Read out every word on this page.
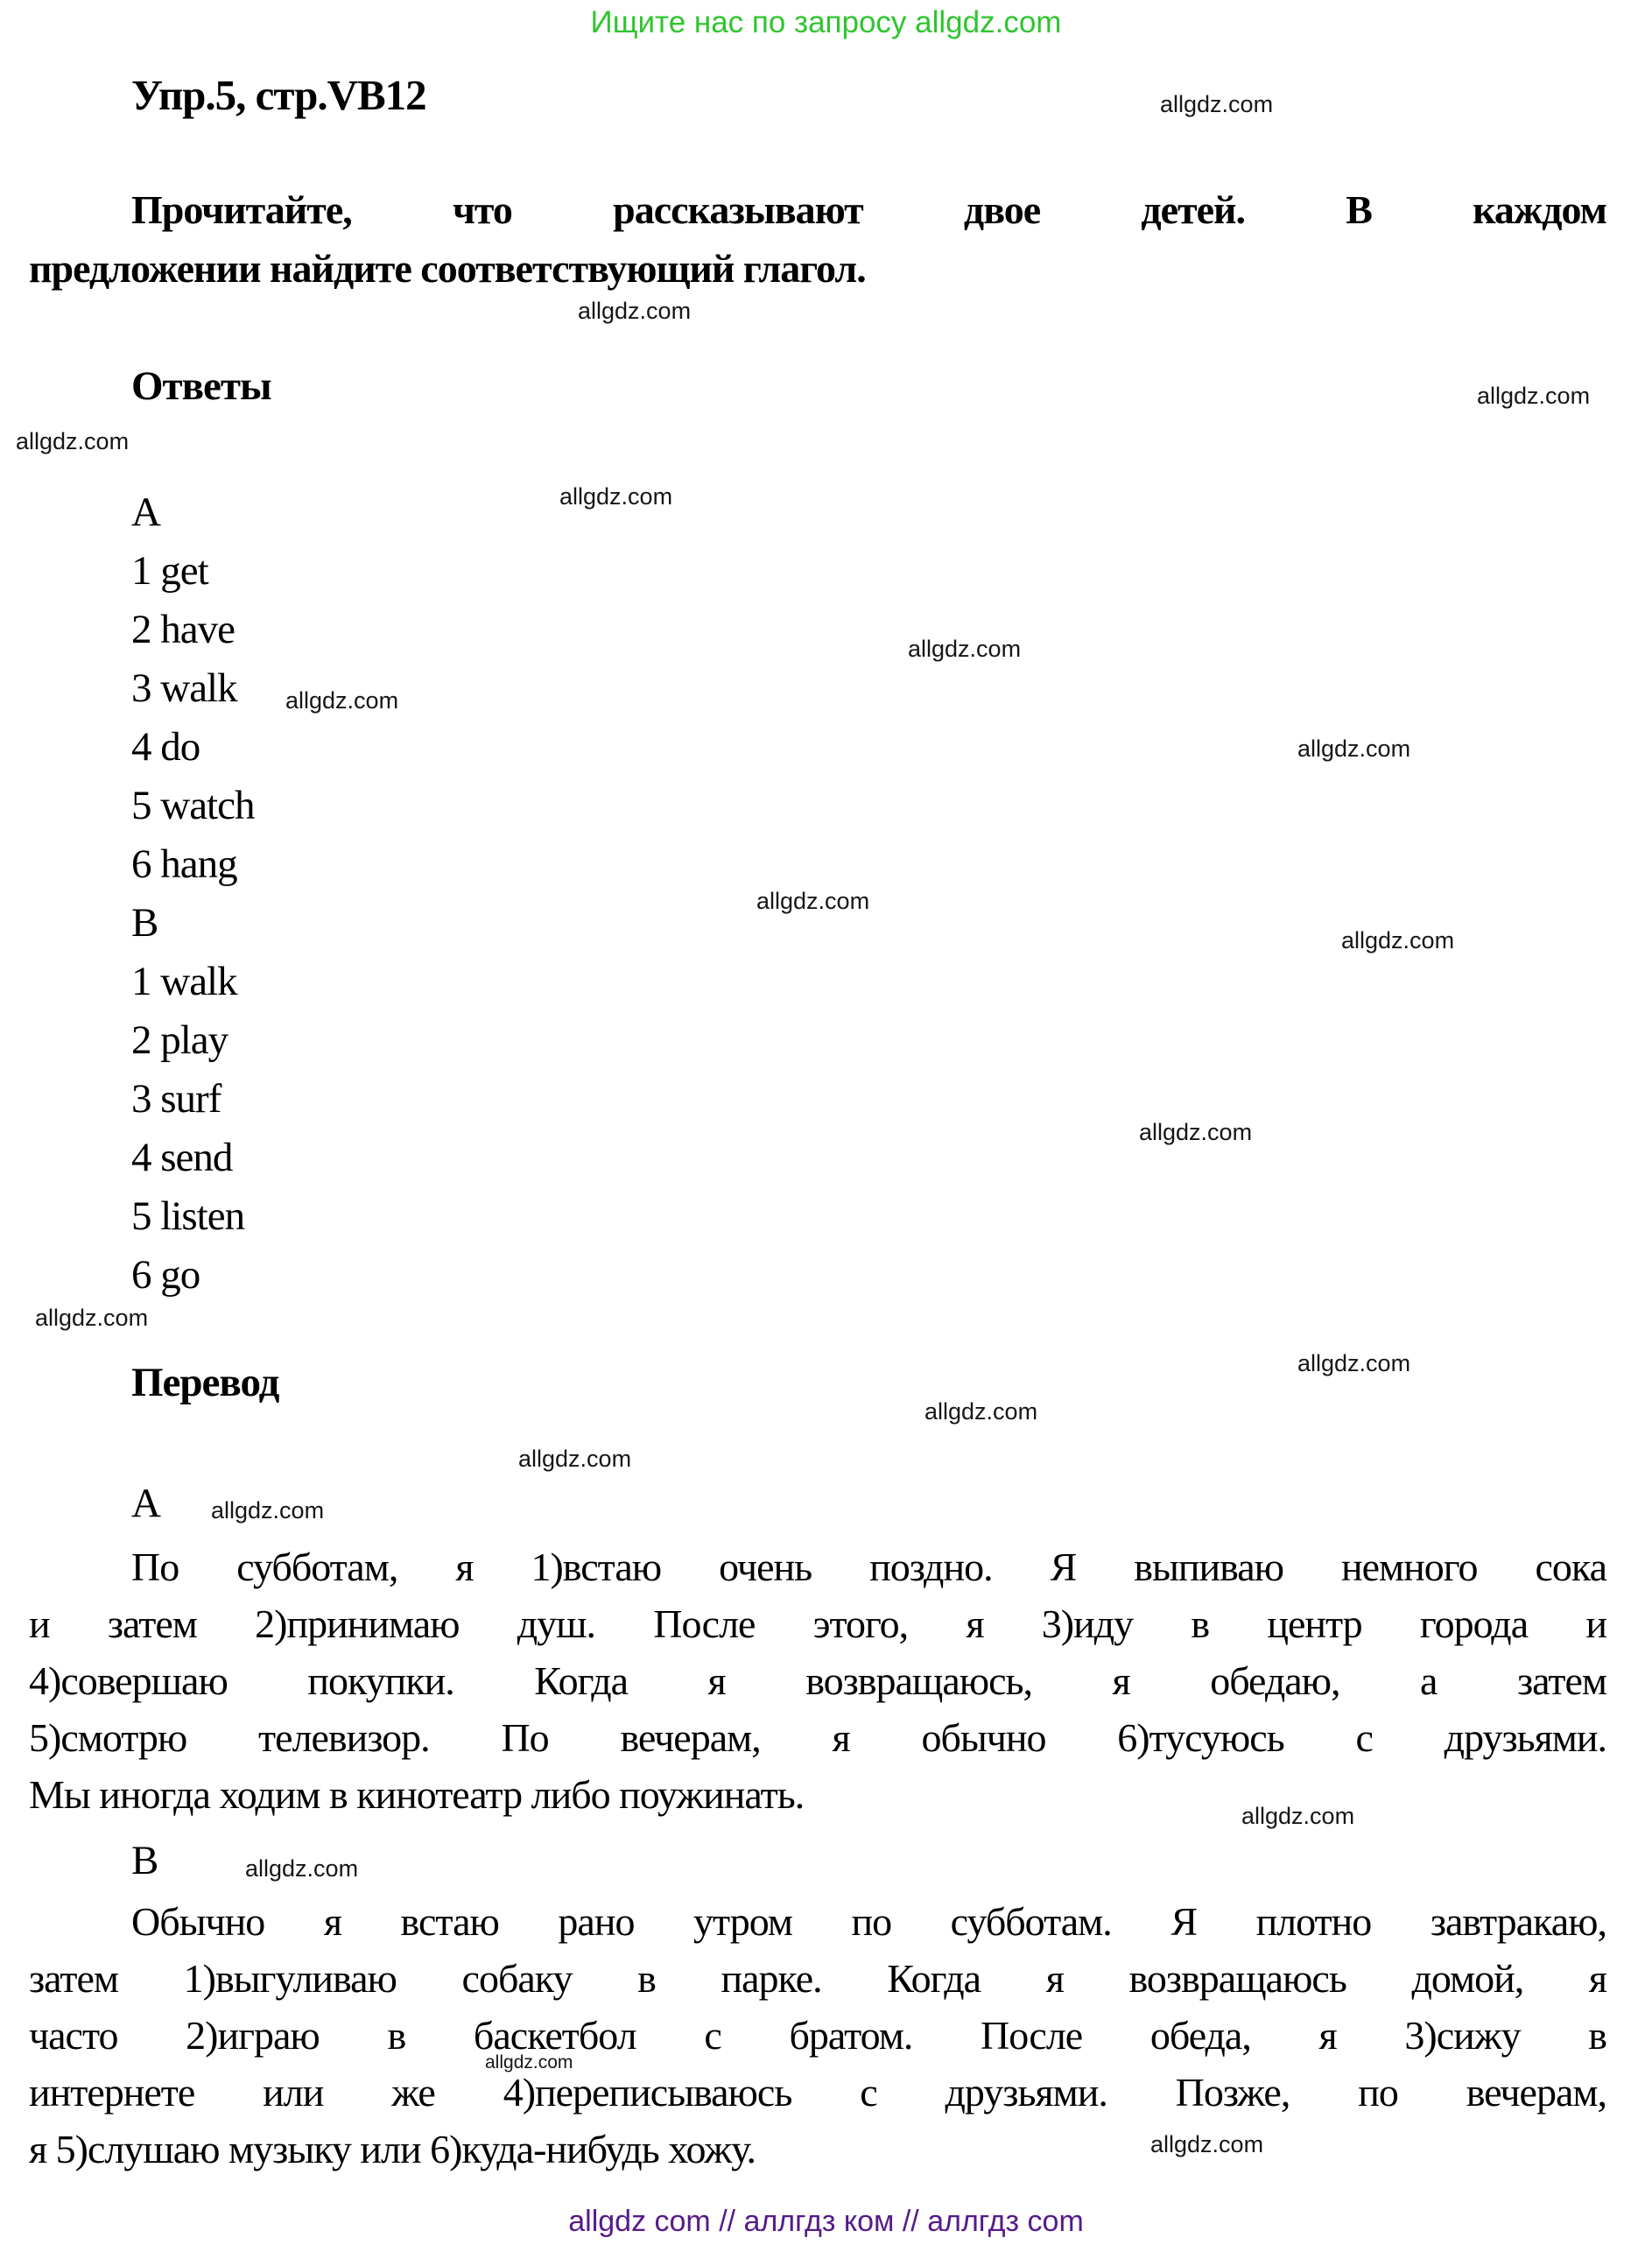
Ищите нас по запросу allgdz.com
allgdz.com
allgdz.com
allgdz.com
allgdz.com
allgdz.com
allgdz.com
allgdz.com
allgdz.com
allgdz.com
allgdz.com
allgdz.com
allgdz.com
allgdz.com
allgdz.com
allgdz.com
allgdz.com
allgdz.com
allgdz.com
allgdz.com
allgdz.com
Упр.5, стр.VB12
Прочитайте, что рассказывают двое детей. В каждом
предложении найдите соответствующий глагол.
Ответы
A
1 get
2 have
3 walk
4 do
5 watch
6 hang
B
1 walk
2 play
3 surf
4 send
5 listen
6 go
Перевод
A
По субботам, я 1)встаю очень поздно. Я выпиваю немного сока
и затем 2)принимаю душ. После этого, я 3)иду в центр города и
4)совершаю покупки. Когда я возвращаюсь, я обедаю, а затем
5)смотрю телевизор. По вечерам, я обычно 6)тусуюсь с друзьями.
Мы иногда ходим в кинотеатр либо поужинать.
B
Обычно я встаю рано утром по субботам. Я плотно завтракаю,
затем 1)выгуливаю собаку в парке. Когда я возвращаюсь домой, я
часто 2)играю в баскетбол с братом. После обеда, я 3)сижу в
интернете или же 4)переписываюсь с друзьями. Позже, по вечерам,
я 5)слушаю музыку или 6)куда-нибудь хожу.
allgdz com // аллгдз ком // аллгдз com
